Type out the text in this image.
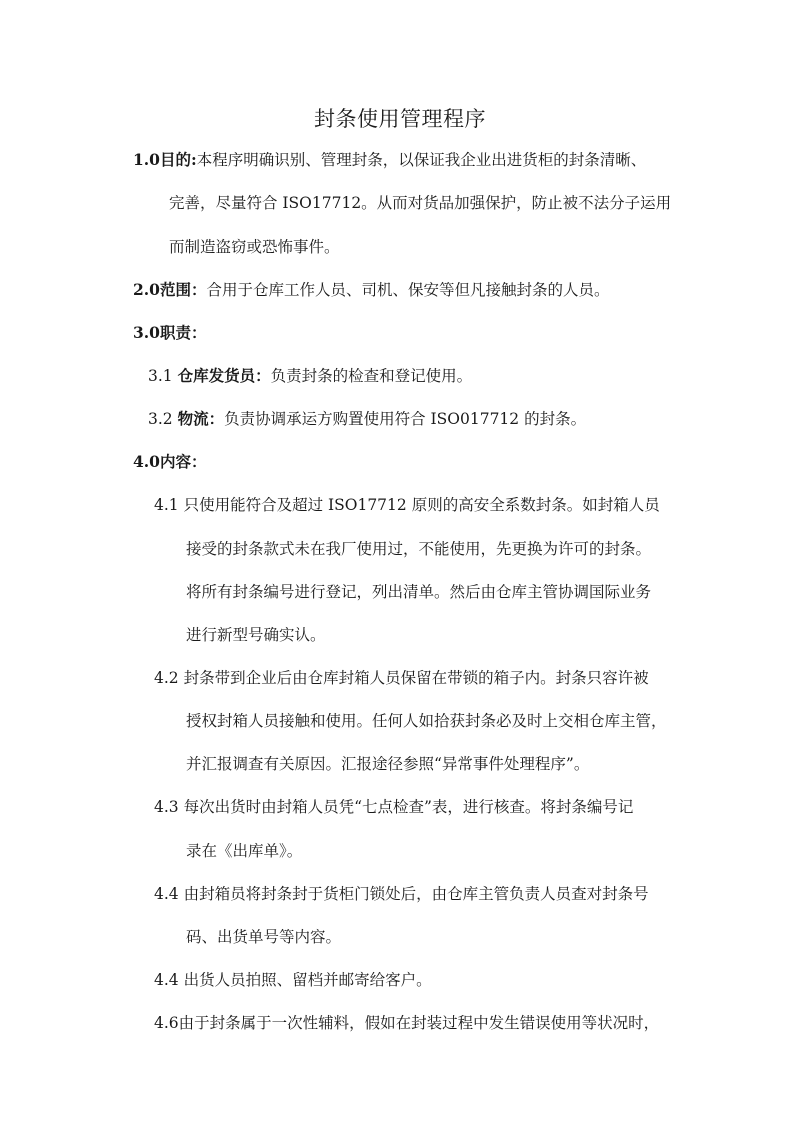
封条使用管理程序
1.0目的:本程序明确识别、管理封条，以保证我企业出进货柜的封条清晰、
完善，尽量符合 ISO17712。从而对货品加强保护，防止被不法分子运用
而制造盗窃或恐怖事件。
2.0范围：合用于仓库工作人员、司机、保安等但凡接触封条的人员。
3.0职责：
3.1 仓库发货员：负责封条的检查和登记使用。
3.2 物流：负责协调承运方购置使用符合 ISO017712 的封条。
4.0内容：
4.1 只使用能符合及超过 ISO17712 原则的高安全系数封条。如封箱人员
接受的封条款式未在我厂使用过，不能使用，先更换为许可的封条。
将所有封条编号进行登记，列出清单。然后由仓库主管协调国际业务
进行新型号确实认。
4.2 封条带到企业后由仓库封箱人员保留在带锁的箱子内。封条只容许被
授权封箱人员接触和使用。任何人如拾获封条必及时上交相仓库主管，
并汇报调查有关原因。汇报途径参照“异常事件处理程序”。
4.3 每次出货时由封箱人员凭“七点检查”表，进行核查。将封条编号记
录在《出库单》。
4.4 由封箱员将封条封于货柜门锁处后，由仓库主管负责人员查对封条号
码、出货单号等内容。
4.4 出货人员拍照、留档并邮寄给客户。
4.6由于封条属于一次性辅料，假如在封装过程中发生错误使用等状况时，
